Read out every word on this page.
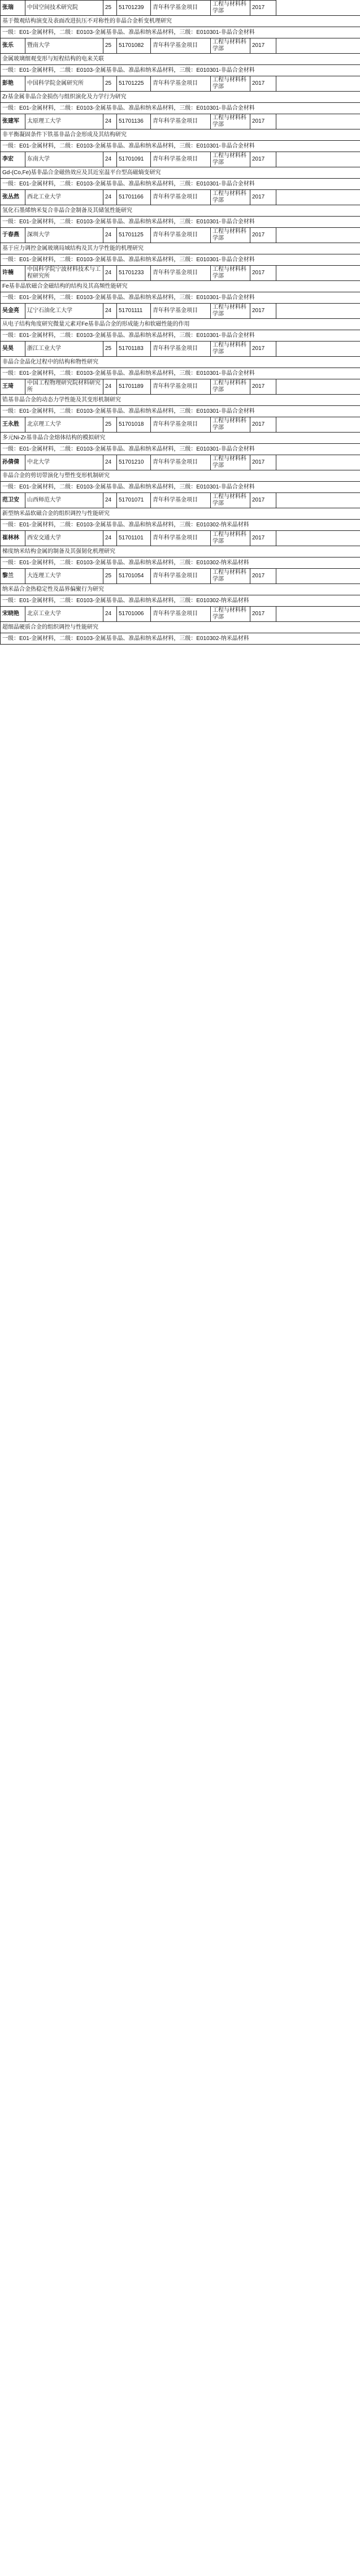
张瑞	中国空间技术研究院	25	51701239	青年科学基金项目	工程与材料科学部	2017
基于微观结构演变及表面改进抗压不对称性的非晶合金析变机理研究						
一级：E01-金属材料，二级：E0103-金属基非晶、准晶和纳米晶材料，三级：E010301-非晶合金材料						
张乐	暨南大学	25	51701082	青年科学基金项目	工程与材料科学部	2017
金属玻璃细观变形与短程结构的电来关联						
一级：E01-金属材料，二级：E0103-金属基非晶、准晶和纳米晶材料，三级：E010301-非晶合金材料						
彭艳	中国科学院金属研究所	25	51701225	青年科学基金项目	工程与材料科学部	2017
Zr基金属非晶合金损伤与组织演化及力学行为研究						
一级：E01-金属材料，二级：E0103-金属基非晶、准晶和纳米晶材料，三级：E010301-非晶合金材料						
张建军	太原理工大学	24	51701136	青年科学基金项目	工程与材料科学部	2017
非平衡凝固条件下铁基非晶合金形成及其结构研究						
一级：E01-金属材料，二级：E0103-金属基非晶、准晶和纳米晶材料，三级：E010301-非晶合金材料						
李宏	东南大学	24	51701091	青年科学基金项目	工程与材料科学部	2017
Gd-(Co,Fe)基非晶合金磁热效应及其近室温平台型高磁熵变研究						
一级：E01-金属材料，二级：E0103-金属基非晶、准晶和纳米晶材料，三级：E010301-非晶合金材料						
张丛然	西北工业大学	24	51701166	青年科学基金项目	工程与材料科学部	2017
氢化石墨烯纳米复合非晶合金制备及其储氢性能研究						
一级：E01-金属材料，二级：E0103-金属基非晶、准晶和纳米晶材料，三级：E010301-非晶合金材料						
于春燕	深圳大学	24	51701125	青年科学基金项目	工程与材料科学部	2017
基于应力调控金属玻璃局域结构及其力学性能的机理研究						
一级：E01-金属材料，二级：E0103-金属基非晶、准晶和纳米晶材料，三级：E010301-非晶合金材料						
许楠	中国科学院宁波材料技术与工程研究所	24	51701233	青年科学基金项目	工程与材料科学部	2017
Fe基非晶软磁合金磁结构的结构及其高频性能研究						
一级：E01-金属材料，二级：E0103-金属基非晶、准晶和纳米晶材料，三级：E010301-非晶合金材料						
吴金亮	辽宁石油化工大学	24	51701111	青年科学基金项目	工程与材料科学部	2017
从电子结构角度研究微量元素对Fe基非晶合金的形成能力和软磁性能的作用						
一级：E01-金属材料，二级：E0103-金属基非晶、准晶和纳米晶材料，三级：E010301-非晶合金材料						
吴昊	浙江工业大学	25	51701183	青年科学基金项目	工程与材料科学部	2017
非晶合金晶化过程中的结构和物性研究						
一级：E01-金属材料，二级：E0103-金属基非晶、准晶和纳米晶材料，三级：E010301-非晶合金材料						
王琦	中国工程物理研究院材料研究所	24	51701189	青年科学基金项目	工程与材料科学部	2017
锆基非晶合金的动态力学性能及其变形机制研究						
一级：E01-金属材料，二级：E0103-金属基非晶、准晶和纳米晶材料，三级：E010301-非晶合金材料						
王永胜	北京理工大学	25	51701018	青年科学基金项目	工程与材料科学部	2017
多元Ni-Zr基非晶合金熔体结构的模拟研究						
一级：E01-金属材料，二级：E0103-金属基非晶、准晶和纳米晶材料，三级：E010301-非晶合金材料						
孙倩倩	中北大学	24	51701210	青年科学基金项目	工程与材料科学部	2017
非晶合金的剪切带演化与塑性变形机制研究						
一级：E01-金属材料，二级：E0103-金属基非晶、准晶和纳米晶材料，三级：E010301-非晶合金材料						
范卫安	山西师范大学	24	51701071	青年科学基金项目	工程与材料科学部	2017
新型纳米晶软磁合金的组织调控与性能研究						
一级：E01-金属材料，二级：E0103-金属基非晶、准晶和纳米晶材料，三级：E010302-纳米晶材料						
崔林林	西安交通大学	24	51701101	青年科学基金项目	工程与材料科学部	2017
梯度纳米结构金属的制备及其强韧化机理研究						
一级：E01-金属材料，二级：E0103-金属基非晶、准晶和纳米晶材料，三级：E010302-纳米晶材料						
黎兰	大连理工大学	25	51701054	青年科学基金项目	工程与材料科学部	2017
纳米晶合金热稳定性及晶界偏聚行为研究						
一级：E01-金属材料，二级：E0103-金属基非晶、准晶和纳米晶材料，三级：E010302-纳米晶材料						
宋晓艳	北京工业大学	24	51701006	青年科学基金项目	工程与材料科学部	2017
超细晶硬质合金的组织调控与性能研究						
一级：E01-金属材料，二级：E0103-金属基非晶、准晶和纳米晶材料，三级：E010302-纳米晶材料						
